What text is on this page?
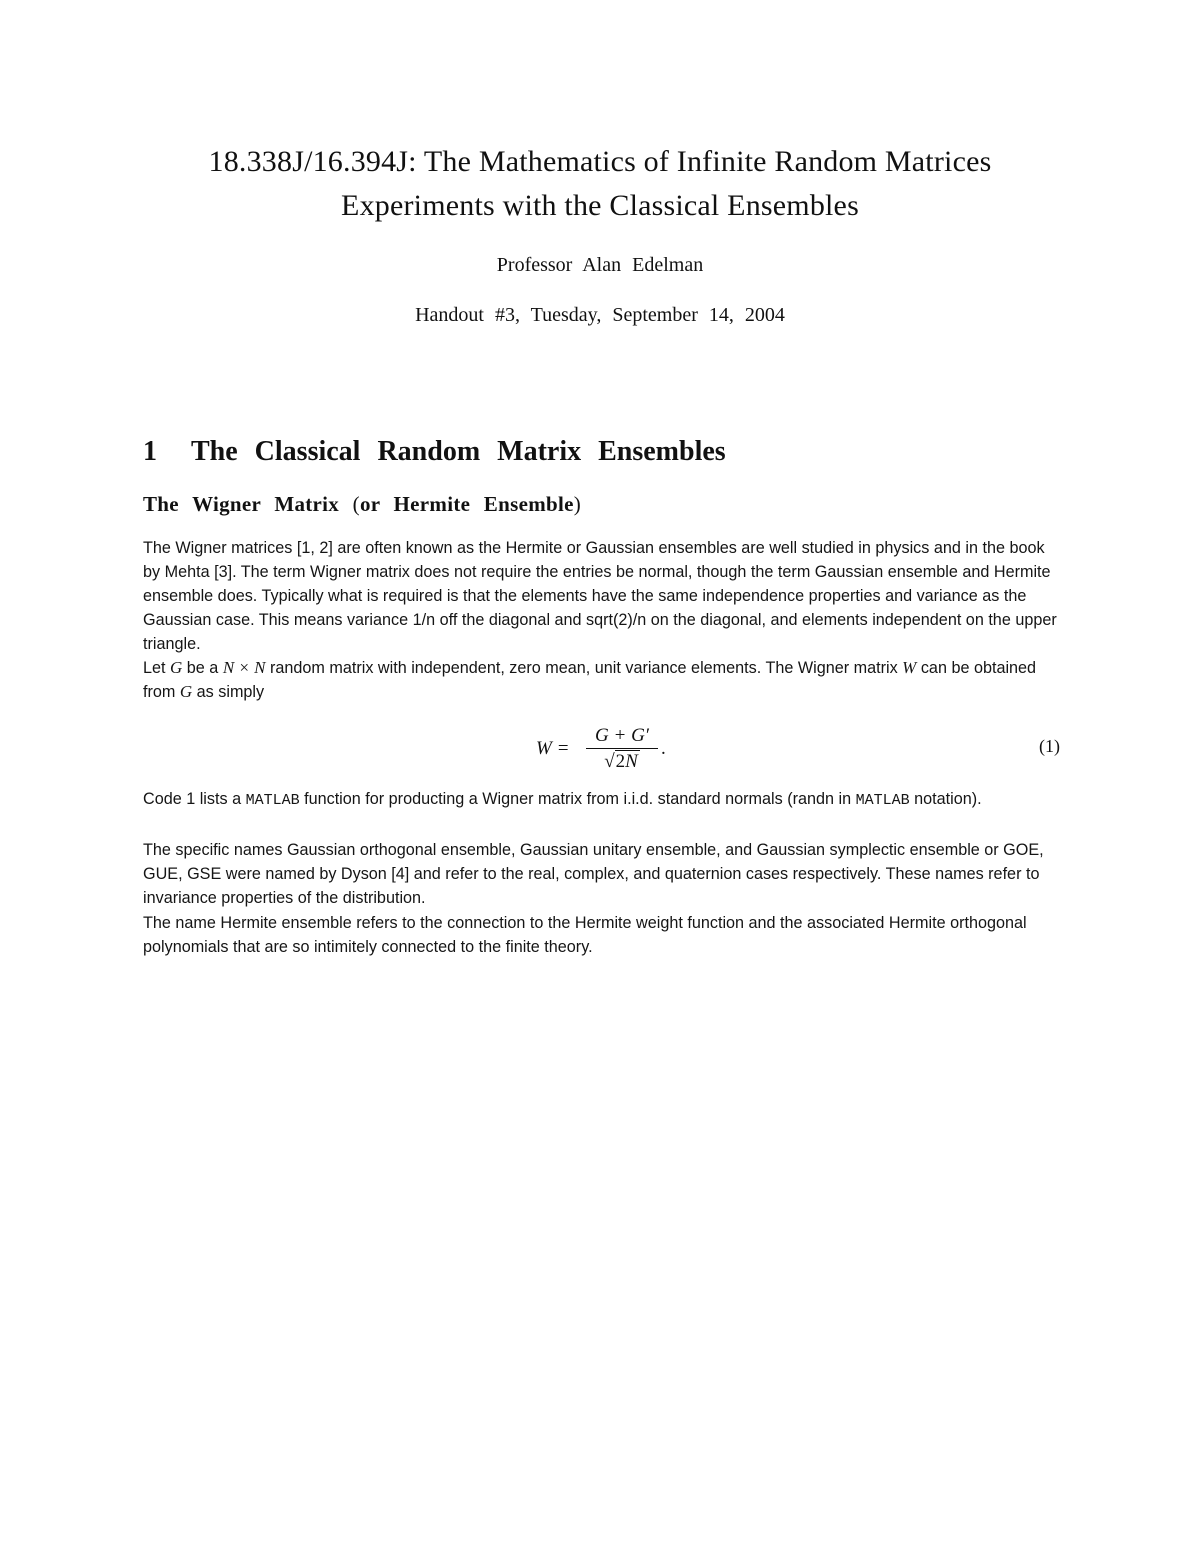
18.338J/16.394J: The Mathematics of Infinite Random Matrices
Experiments with the Classical Ensembles
Professor Alan Edelman
Handout #3, Tuesday, September 14, 2004
1 The Classical Random Matrix Ensembles
The Wigner Matrix (or Hermite Ensemble)

The Wigner matrices [1, 2] are often known as the Hermite or Gaussian ensembles are well studied in physics and in the book by Mehta [3]. The term Wigner matrix does not require the entries be normal, though the term Gaussian ensemble and Hermite ensemble does. Typically what is required is that the elements have the same independence properties and variance as the Gaussian case. This means variance 1/n off the diagonal and sqrt(2)/n on the diagonal, and elements independent on the upper triangle.

Let G be a N × N random matrix with independent, zero mean, unit variance elements. The Wigner matrix W can be obtained from G as simply

W =
G + G′
√2N
.	(1)

Code 1 lists a MATLAB function for producting a Wigner matrix from i.i.d. standard normals (randn in MATLAB notation).

The specific names Gaussian orthogonal ensemble, Gaussian unitary ensemble, and Gaussian symplectic ensemble or GOE, GUE, GSE were named by Dyson [4] and refer to the real, complex, and quaternion cases respectively. These names refer to invariance properties of the distribution.

The name Hermite ensemble refers to the connection to the Hermite weight function and the associated Hermite orthogonal polynomials that are so intimitely connected to the finite theory.
